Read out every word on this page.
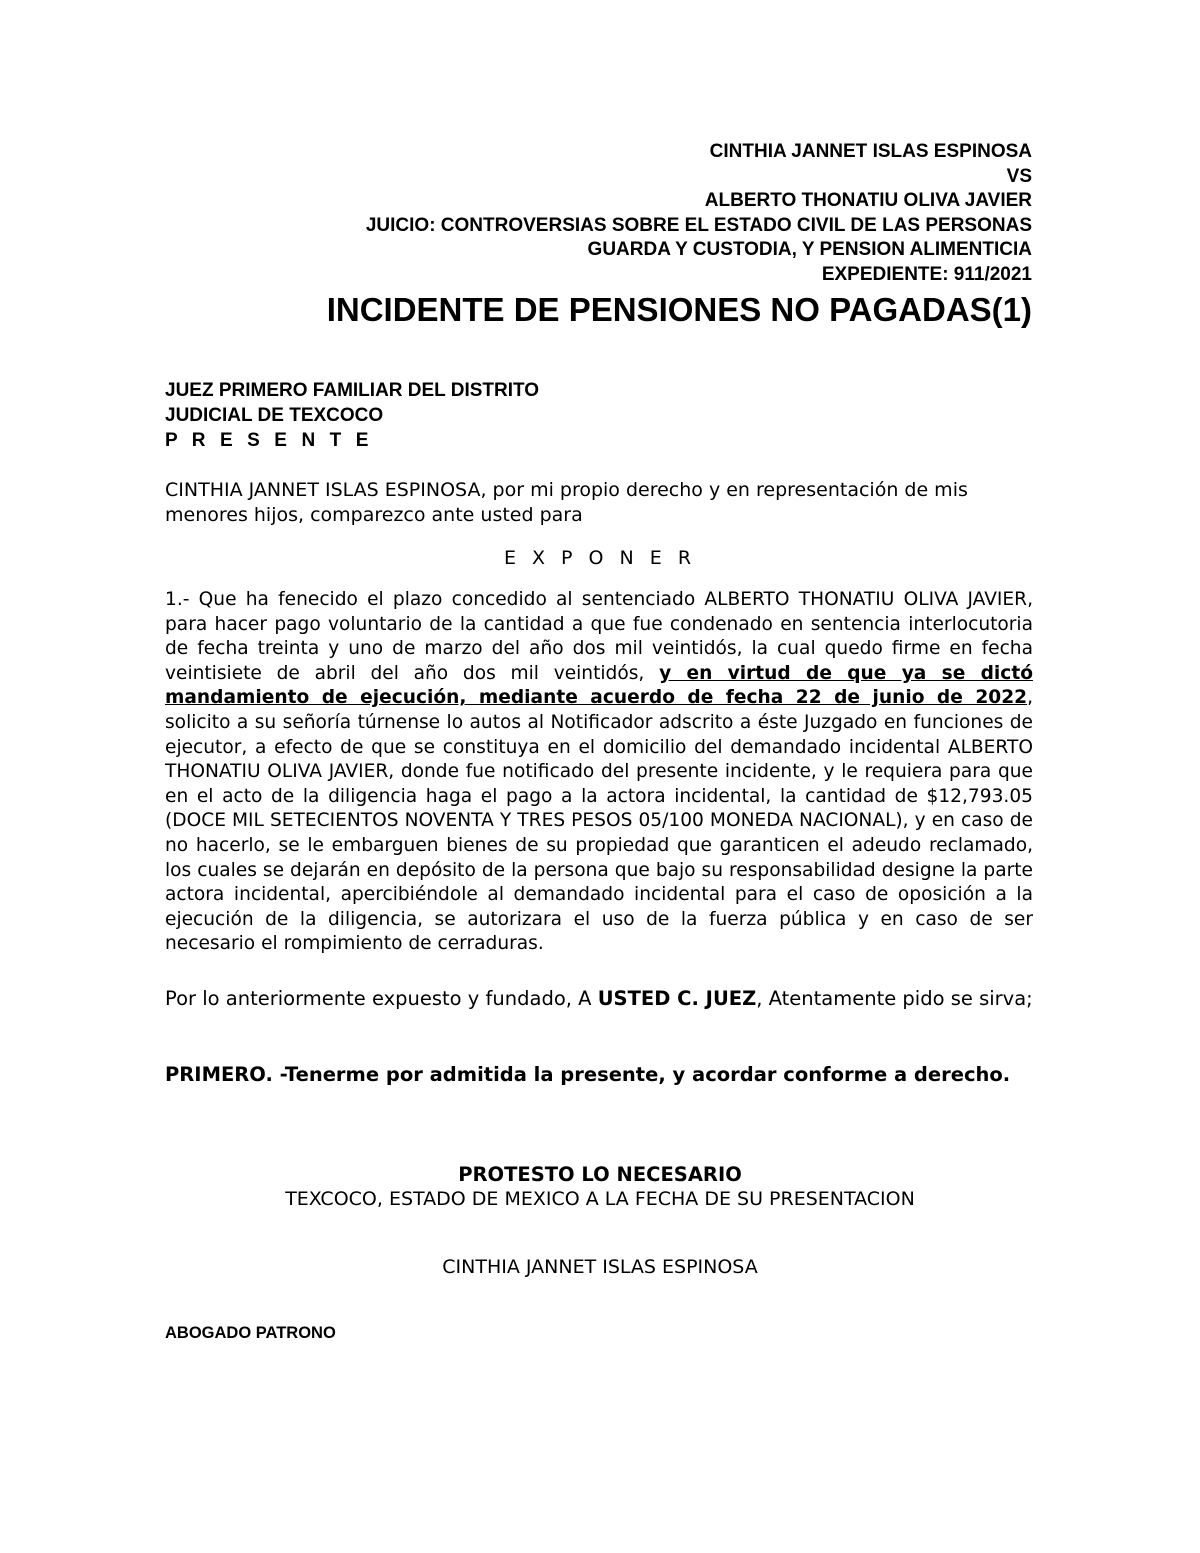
CINTHIA JANNET ISLAS ESPINOSA
VS
ALBERTO THONATIU OLIVA JAVIER
JUICIO: CONTROVERSIAS SOBRE EL ESTADO CIVIL DE LAS PERSONAS
GUARDA Y CUSTODIA, Y PENSION ALIMENTICIA
EXPEDIENTE: 911/2021
INCIDENTE DE PENSIONES NO PAGADAS(1)
JUEZ PRIMERO FAMILIAR DEL DISTRITO
JUDICIAL DE TEXCOCO
P R E S E N T E
CINTHIA JANNET ISLAS ESPINOSA, por mi propio derecho y en representación de mis menores hijos, comparezco ante usted para
E X P O N E R
1.- Que ha fenecido el plazo concedido al sentenciado ALBERTO THONATIU OLIVA JAVIER, para hacer pago voluntario de la cantidad a que fue condenado en sentencia interlocutoria de fecha treinta y uno de marzo del año dos mil veintidós, la cual quedo firme en fecha veintisiete de abril del año dos mil veintidós, y en virtud de que ya se dictó mandamiento de ejecución, mediante acuerdo de fecha 22 de junio de 2022, solicito a su señoría túrnense lo autos al Notificador adscrito a éste Juzgado en funciones de ejecutor, a efecto de que se constituya en el domicilio del demandado incidental ALBERTO THONATIU OLIVA JAVIER, donde fue notificado del presente incidente, y le requiera para que en el acto de la diligencia haga el pago a la actora incidental, la cantidad de $12,793.05 (DOCE MIL SETECIENTOS NOVENTA Y TRES PESOS 05/100 MONEDA NACIONAL), y en caso de no hacerlo, se le embarguen bienes de su propiedad que garanticen el adeudo reclamado, los cuales se dejarán en depósito de la persona que bajo su responsabilidad designe la parte actora incidental, apercibiéndole al demandado incidental para el caso de oposición a la ejecución de la diligencia, se autorizara el uso de la fuerza pública y en caso de ser necesario el rompimiento de cerraduras.
Por lo anteriormente expuesto y fundado, A USTED C. JUEZ, Atentamente pido se sirva;
PRIMERO. -Tenerme por admitida la presente, y acordar conforme a derecho.
PROTESTO LO NECESARIO
TEXCOCO, ESTADO DE MEXICO A LA FECHA DE SU PRESENTACION
CINTHIA JANNET ISLAS ESPINOSA
ABOGADO PATRONO
